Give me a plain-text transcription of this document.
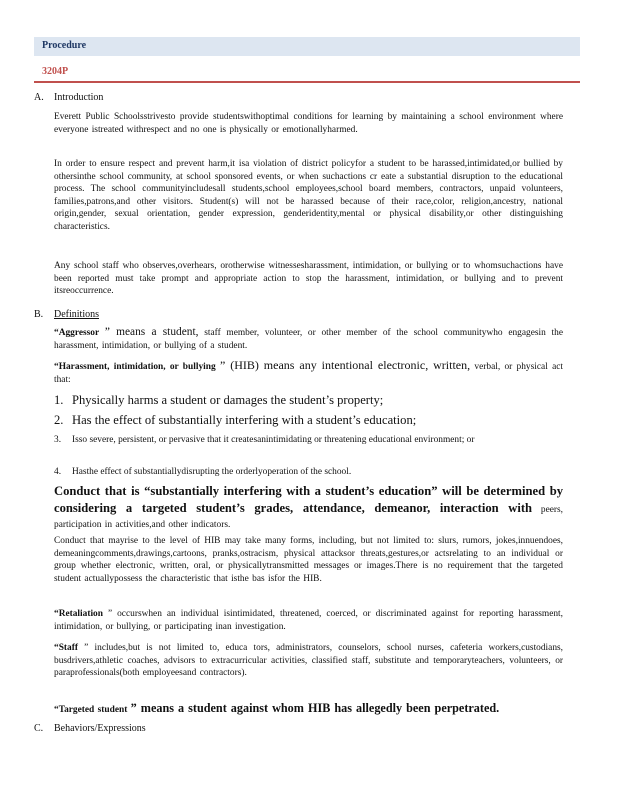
Procedure
3204P
A. Introduction
Everett Public Schoolsstrivesto provide studentswithoptimal conditions for learning by maintaining a school environment where everyone istreated withrespect and no one is physically or emotionallyharmed.
In order to ensure respect and prevent harm,it isa violation of district policyfor a student to be harassed,intimidated,or bullied by othersinthe school community, at school sponsored events, or when suchactions cr eate a substantial disruption to the educational process. The school communityincludesall students,school employees,school board members, contractors, unpaid volunteers, families,patrons,and other visitors. Student(s) will not be harassed because of their race,color, religion,ancestry, national origin,gender, sexual orientation, gender expression, genderidentity,mental or physical disability,or other distinguishing characteristics.
Any school staff who observes,overhears, orotherwise witnessesharassment, intimidation, or bullying or to whomsuchactions have been reported must take prompt and appropriate action to stop the harassment, intimidation, or bullying and to prevent itsreoccurrence.
B. Definitions
“Aggressor ” means a student, staff member, volunteer, or other member of the school communitywho engagesin the harassment, intimidation, or bullying of a student.
“Harassment, intimidation, or bullying ” (HIB) means any intentional electronic, written, verbal, or physical act that:
1. Physically harms a student or damages the student’s property;
2. Has the effect of substantially interfering with a student’s education;
3. Isso severe, persistent, or pervasive that it createsanintimidating or threatening educational environment; or
4. Hasthe effect of substantiallydisrupting the orderlyoperation of the school.
Conduct that is “substantially interfering with a student’s education” will be determined by considering a targeted student’s grades, attendance, demeanor, interaction with peers, participation in activities,and other indicators.
Conduct that mayrise to the level of HIB may take many forms, including, but not limited to: slurs, rumors, jokes,innuendoes, demeaningcomments,drawings,cartoons, pranks,ostracism, physical attacksor threats,gestures,or actsrelating to an individual or group whether electronic, written, oral, or physicallytransmitted messages or images.There is no requirement that the targeted student actuallypossess the characteristic that isthe bas isfor the HIB.
“Retaliation ” occurswhen an individual isintimidated, threatened, coerced, or discriminated against for reporting harassment, intimidation, or bullying, or participating inan investigation.
“Staff ” includes,but is not limited to, educa tors, administrators, counselors, school nurses, cafeteria workers,custodians, busdrivers,athletic coaches, advisors to extracurricular activities, classified staff, substitute and temporaryteachers, volunteers, or paraprofessionals(both employeesand contractors).
“Targeted student ” means a student against whom HIB has allegedly been perpetrated.
C. Behaviors/Expressions
